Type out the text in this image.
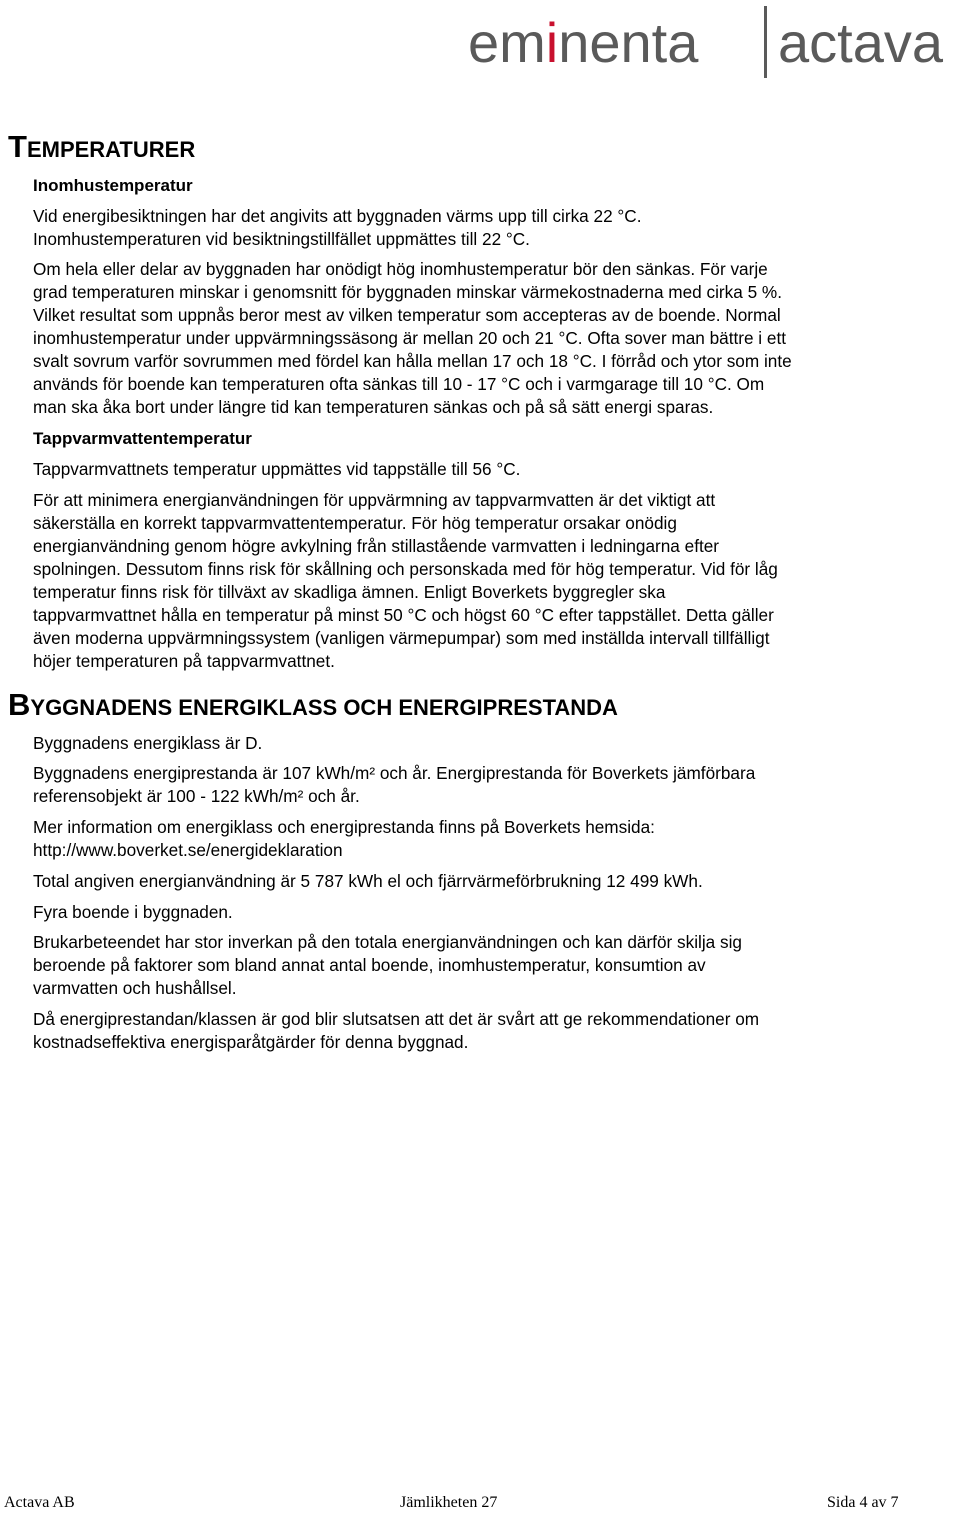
eminenta actava
TEMPERATURER
Inomhustemperatur
Vid energibesiktningen har det angivits att byggnaden värms upp till cirka 22 °C.
Inomhustemperaturen vid besiktningstillfället uppmättes till 22 °C.
Om hela eller delar av byggnaden har onödigt hög inomhustemperatur bör den sänkas. För varje
grad temperaturen minskar i genomsnitt för byggnaden minskar värmekostnaderna med cirka 5 %.
Vilket resultat som uppnås beror mest av vilken temperatur som accepteras av de boende. Normal
inomhustemperatur under uppvärmningssäsong är mellan 20 och 21 °C. Ofta sover man bättre i ett
svalt sovrum varför sovrummen med fördel kan hålla mellan 17 och 18 °C. I förråd och ytor som inte
används för boende kan temperaturen ofta sänkas till 10 - 17 °C och i varmgarage till 10 °C. Om
man ska åka bort under längre tid kan temperaturen sänkas och på så sätt energi sparas.
Tappvarmvattentemperatur
Tappvarmvattnets temperatur uppmättes vid tappställe till 56 °C.
För att minimera energianvändningen för uppvärmning av tappvarmvatten är det viktigt att
säkerställa en korrekt tappvarmvattentemperatur. För hög temperatur orsakar onödig
energianvändning genom högre avkylning från stillastående varmvatten i ledningarna efter
spolningen. Dessutom finns risk för skållning och personskada med för hög temperatur. Vid för låg
temperatur finns risk för tillväxt av skadliga ämnen. Enligt Boverkets byggregler ska
tappvarmvattnet hålla en temperatur på minst 50 °C och högst 60 °C efter tappstället. Detta gäller
även moderna uppvärmningssystem (vanligen värmepumpar) som med inställda intervall tillfälligt
höjer temperaturen på tappvarmvattnet.
BYGGNADENS ENERGIKLASS OCH ENERGIPRESTANDA
Byggnadens energiklass är D.
Byggnadens energiprestanda är 107 kWh/m² och år. Energiprestanda för Boverkets jämförbara
referensobjekt är 100 - 122 kWh/m² och år.
Mer information om energiklass och energiprestanda finns på Boverkets hemsida:
http://www.boverket.se/energideklaration
Total angiven energianvändning är 5 787 kWh el och fjärrvärmeförbrukning 12 499 kWh.
Fyra boende i byggnaden.
Brukarbeteendet har stor inverkan på den totala energianvändningen och kan därför skilja sig
beroende på faktorer som bland annat antal boende, inomhustemperatur, konsumtion av
varmvatten och hushållsel.
Då energiprestandan/klassen är god blir slutsatsen att det är svårt att ge rekommendationer om
kostnadseffektiva energisparåtgärder för denna byggnad.
Actava AB	Jämlikheten 27	Sida 4 av 7
